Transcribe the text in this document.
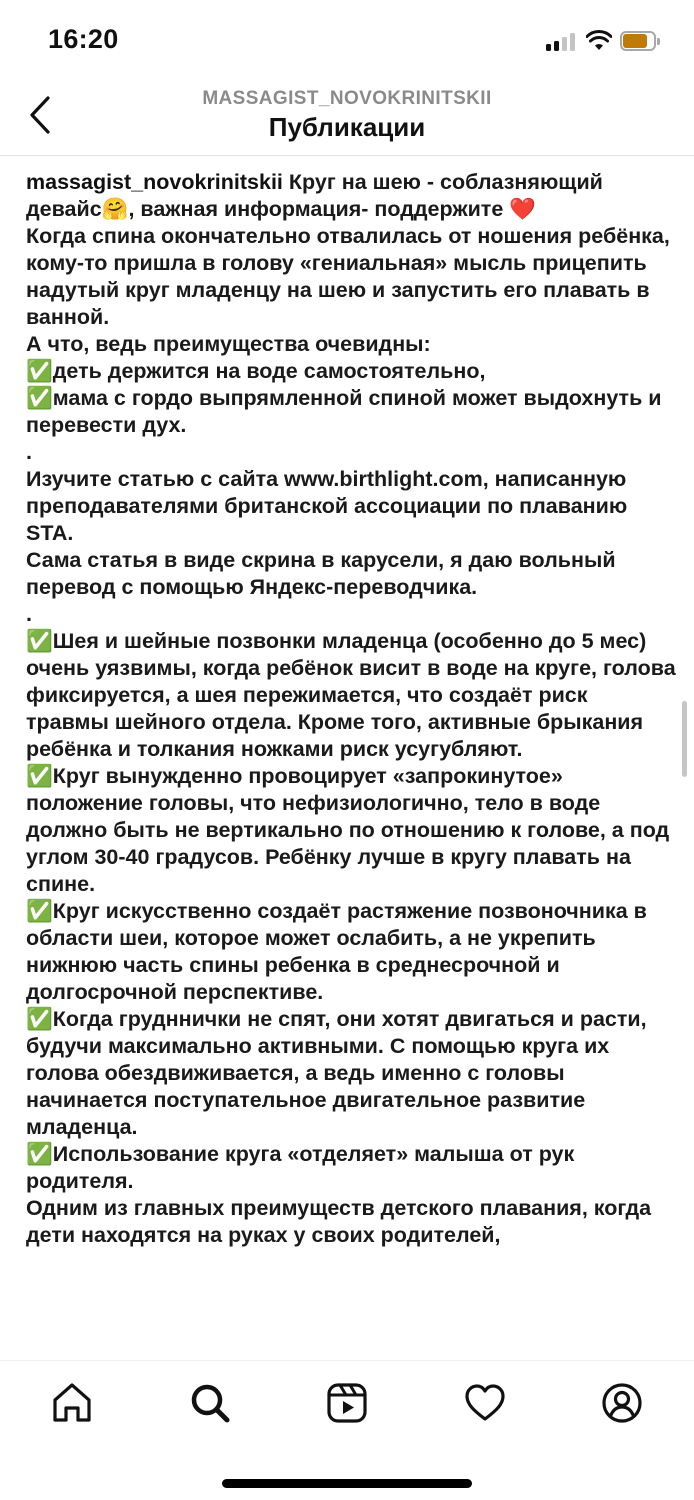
16:20
MASSAGIST_NOVOKRINITSKII
Публикации
massagist_novokrinitskii Круг на шею - соблазняющий девайс🤗, важная информация- поддержите ❤️
Когда спина окончательно отвалилась от ношения ребёнка, кому-то пришла в голову «гениальная» мысль прицепить надутый круг младенцу на шею и запустить его плавать в ванной.
А что, ведь преимущества очевидны:
✅деть держится на воде самостоятельно,
✅мама с гордо выпрямленной спиной может выдохнуть и перевести дух.
.
Изучите статью с сайта www.birthlight.com, написанную преподавателями британской ассоциации по плаванию STA.
Сама статья в виде скрина в карусели, я даю вольный перевод с помощью Яндекс-переводчика.
.
✅Шея и шейные позвонки младенца (особенно до 5 мес) очень уязвимы, когда ребёнок висит в воде на круге, голова фиксируется, а шея пережимается, что создаёт риск травмы шейного отдела. Кроме того, активные брыкания ребёнка и толкания ножками риск усугубляют.
✅Круг вынужденно провоцирует «запрокинутое» положение головы, что нефизиологично, тело в воде должно быть не вертикально по отношению к голове, а под углом 30-40 градусов. Ребёнку лучше в кругу плавать на спине.
✅Круг искусственно создаёт растяжение позвоночника в области шеи, которое может ослабить, а не укрепить нижнюю часть спины ребенка в среднесрочной и долгосрочной перспективе.
✅Когда грудннички не спят, они хотят двигаться и расти, будучи максимально активными. С помощью круга их голова обездвиживается, а ведь именно с головы начинается поступательное двигательное развитие младенца.
✅Использование круга «отделяет» малыша от рук родителя.
Одним из главных преимуществ детского плавания, когда дети находятся на руках у своих родителей,
